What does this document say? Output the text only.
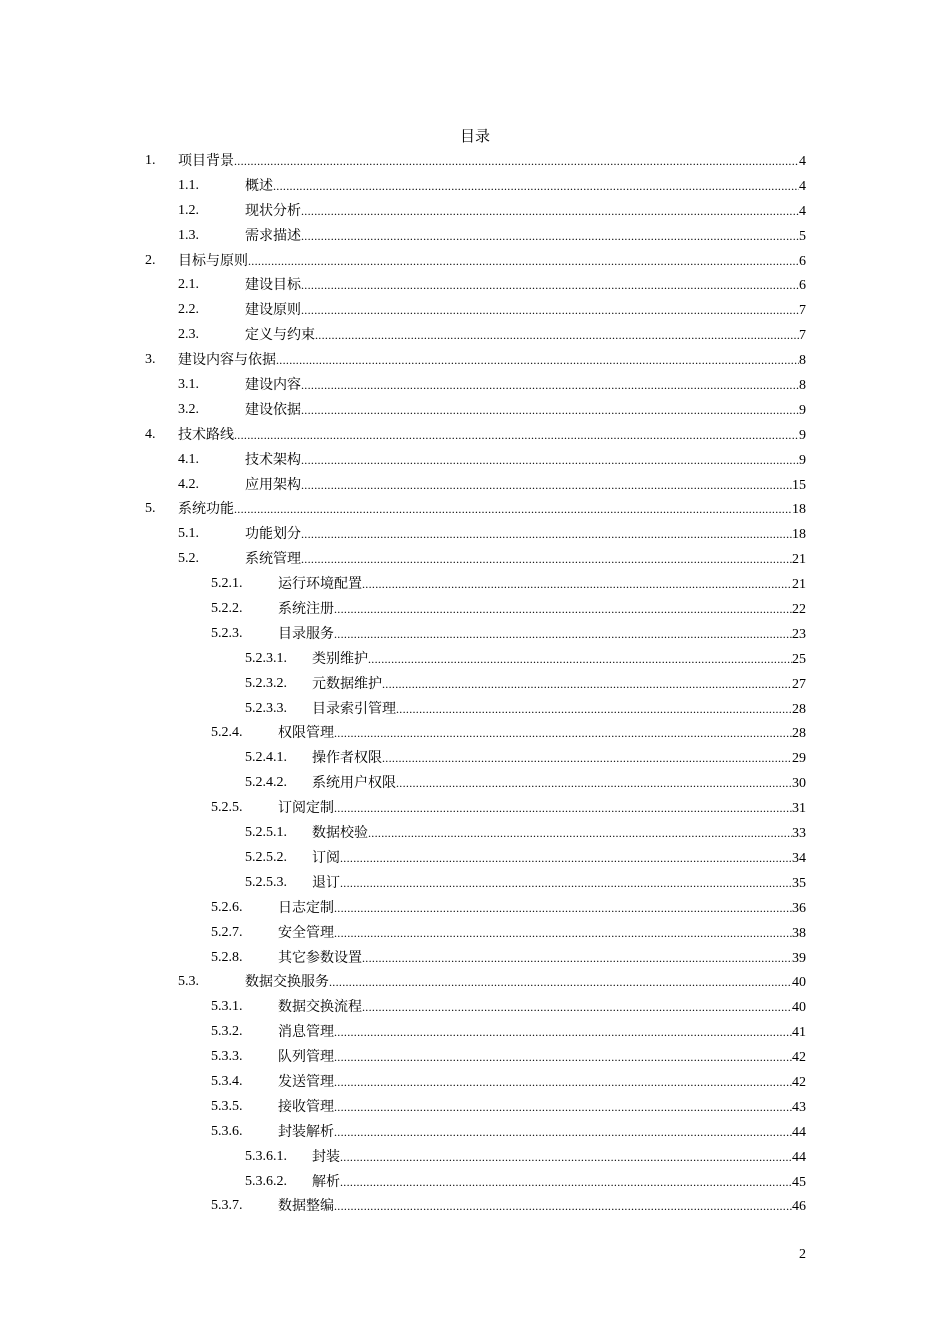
目录
1. 项目背景 .....	4
1.1.	概述 .....	4
1.2.	现状分析 .....	4
1.3.	需求描述 .....	5
2. 目标与原则 .....	6
2.1.	建设目标 .....	6
2.2.	建设原则 .....	7
2.3.	定义与约束 .....	7
3. 建设内容与依据 .....	8
3.1.	建设内容 .....	8
3.2.	建设依据 .....	9
4. 技术路线 .....	9
4.1.	技术架构 .....	9
4.2.	应用架构 .....	15
5. 系统功能 .....	18
5.1.	功能划分 .....	18
5.2.	系统管理 .....	21
5.2.1.	运行环境配置 .....	21
5.2.2.	系统注册 .....	22
5.2.3.	目录服务 .....	23
5.2.3.1. 类别维护 .....	25
5.2.3.2. 元数据维护 .....	27
5.2.3.3. 目录索引管理 .....	28
5.2.4.	权限管理 .....	28
5.2.4.1. 操作者权限 .....	29
5.2.4.2. 系统用户权限 .....	30
5.2.5.	订阅定制 .....	31
5.2.5.1. 数据校验 .....	33
5.2.5.2. 订阅 .....	34
5.2.5.3. 退订 .....	35
5.2.6.	日志定制 .....	36
5.2.7.	安全管理 .....	38
5.2.8.	其它参数设置 .....	39
5.3.	数据交换服务 .....	40
5.3.1.	数据交换流程 .....	40
5.3.2.	消息管理 .....	41
5.3.3.	队列管理 .....	42
5.3.4.	发送管理 .....	42
5.3.5.	接收管理 .....	43
5.3.6.	封装解析 .....	44
5.3.6.1. 封装 .....	44
5.3.6.2. 解析 .....	45
5.3.7.	数据整编 .....	46
2
